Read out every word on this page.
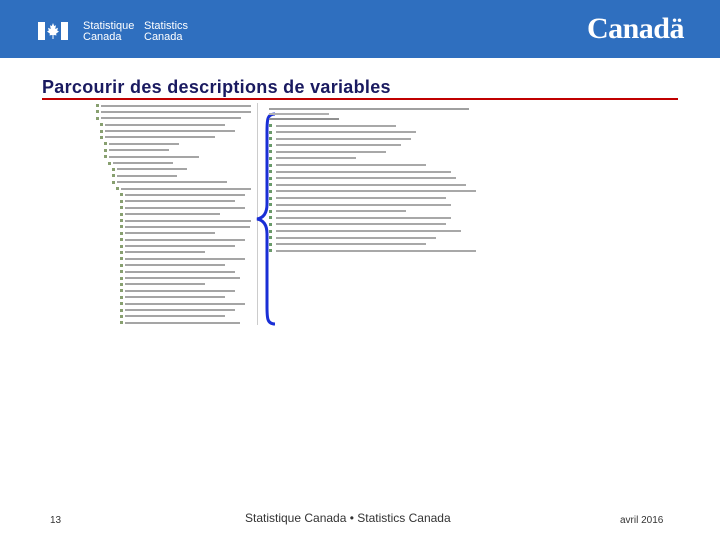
Statistique
Canada
Statistics
Canada	Canadä
Parcourir des descriptions de variables
13	Statistique Canada • Statistics Canada	avril 2016
